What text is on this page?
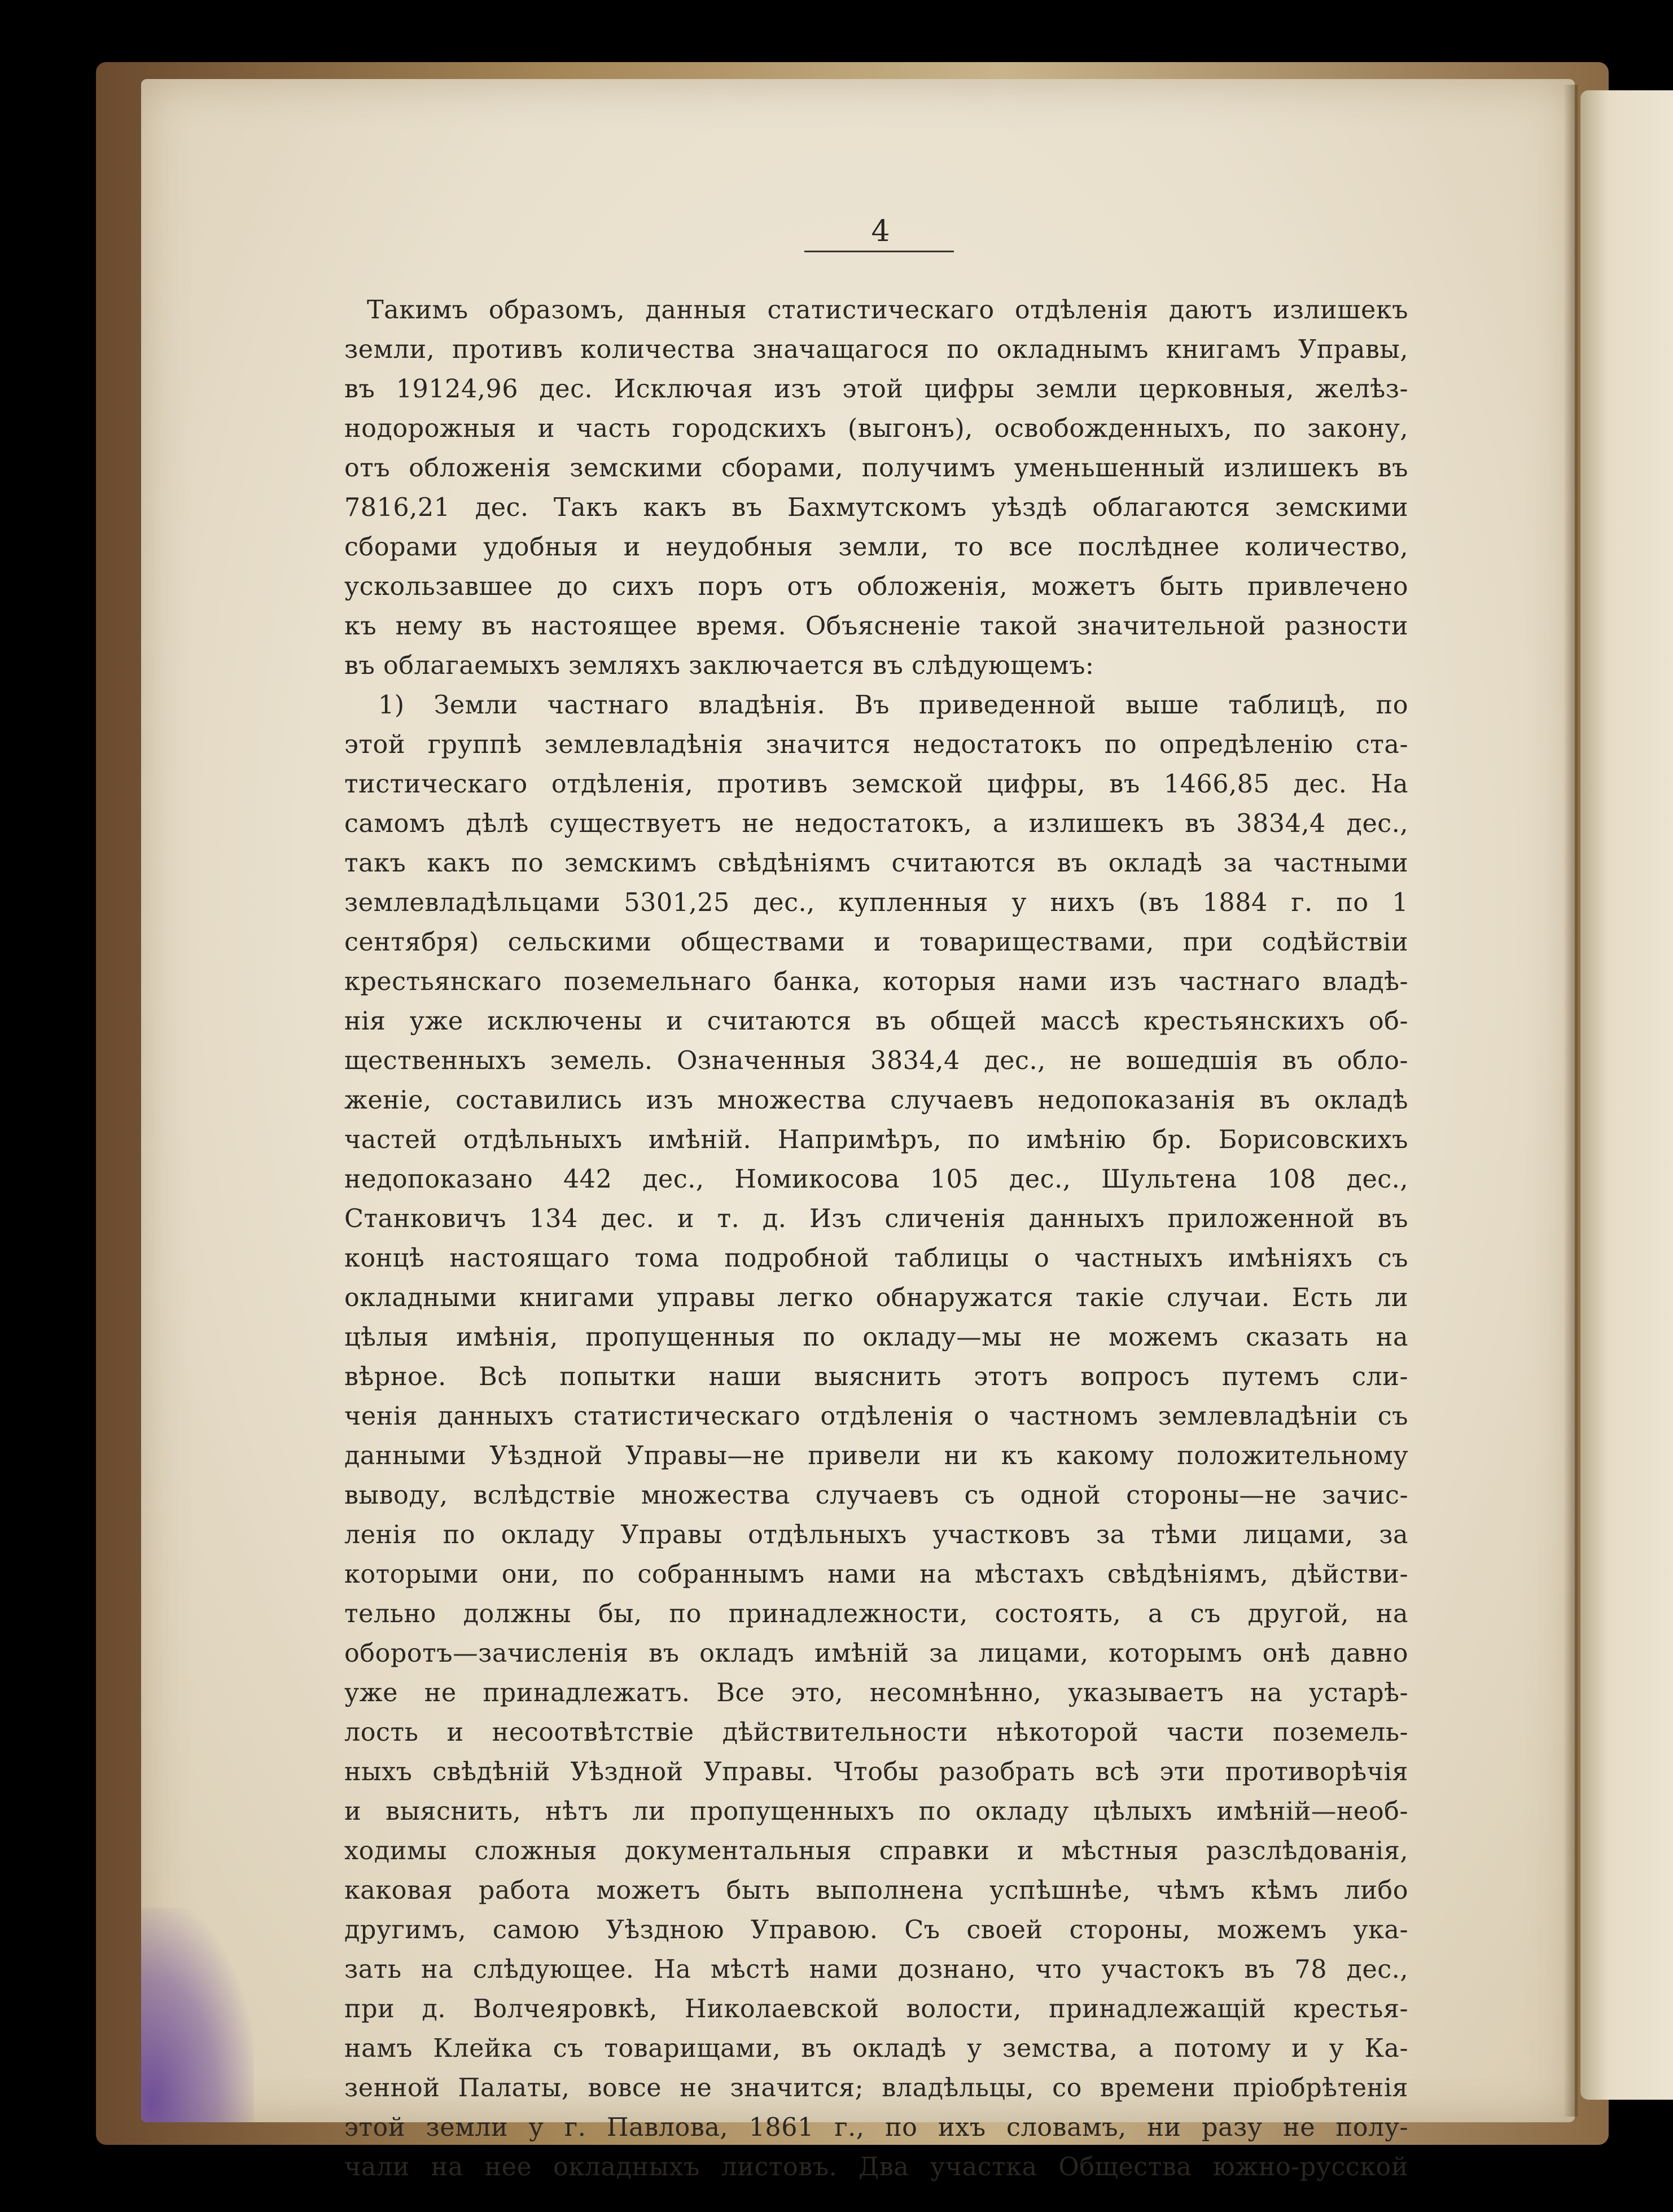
4
Такимъ образомъ, данныя статистическаго отдѣленія даютъ излишекъ
земли, противъ количества значащагося по окладнымъ книгамъ Управы,
въ 19124,96 дес. Исключая изъ этой цифры земли церковныя, желѣз-
нодорожныя и часть городскихъ (выгонъ), освобожденныхъ, по закону,
отъ обложенія земскими сборами, получимъ уменьшенный излишекъ въ
7816,21 дес. Такъ какъ въ Бахмутскомъ уѣздѣ облагаются земскими
сборами удобныя и неудобныя земли, то все послѣднее количество,
ускользавшее до сихъ поръ отъ обложенія, можетъ быть привлечено
къ нему въ настоящее время. Объясненіе такой значительной разности
въ облагаемыхъ земляхъ заключается въ слѣдующемъ:
1) Земли частнаго владѣнія. Въ приведенной выше таблицѣ, по
этой группѣ землевладѣнія значится недостатокъ по опредѣленію ста-
тистическаго отдѣленія, противъ земской цифры, въ 1466,85 дес. На
самомъ дѣлѣ существуетъ не недостатокъ, а излишекъ въ 3834,4 дес.,
такъ какъ по земскимъ свѣдѣніямъ считаются въ окладѣ за частными
землевладѣльцами 5301,25 дес., купленныя у нихъ (въ 1884 г. по 1
сентября) сельскими обществами и товариществами, при содѣйствіи
крестьянскаго поземельнаго банка, которыя нами изъ частнаго владѣ-
нія уже исключены и считаются въ общей массѣ крестьянскихъ об-
щественныхъ земель. Означенныя 3834,4 дес., не вошедшія въ обло-
женіе, составились изъ множества случаевъ недопоказанія въ окладѣ
частей отдѣльныхъ имѣній. Напримѣръ, по имѣнію бр. Борисовскихъ
недопоказано 442 дес., Номикосова 105 дес., Шультена 108 дес.,
Станковичъ 134 дес. и т. д. Изъ сличенія данныхъ приложенной въ
концѣ настоящаго тома подробной таблицы о частныхъ имѣніяхъ съ
окладными книгами управы легко обнаружатся такіе случаи. Есть ли
цѣлыя имѣнія, пропущенныя по окладу—мы не можемъ сказать на
вѣрное. Всѣ попытки наши выяснить этотъ вопросъ путемъ сли-
ченія данныхъ статистическаго отдѣленія о частномъ землевладѣніи съ
данными Уѣздной Управы—не привели ни къ какому положительному
выводу, вслѣдствіе множества случаевъ съ одной стороны—не зачис-
ленія по окладу Управы отдѣльныхъ участковъ за тѣми лицами, за
которыми они, по собраннымъ нами на мѣстахъ свѣдѣніямъ, дѣйстви-
тельно должны бы, по принадлежности, состоять, а съ другой, на
оборотъ—зачисленія въ окладъ имѣній за лицами, которымъ онѣ давно
уже не принадлежатъ. Все это, несомнѣнно, указываетъ на устарѣ-
лость и несоотвѣтствіе дѣйствительности нѣкоторой части поземель-
ныхъ свѣдѣній Уѣздной Управы. Чтобы разобрать всѣ эти противорѣчія
и выяснить, нѣтъ ли пропущенныхъ по окладу цѣлыхъ имѣній—необ-
ходимы сложныя документальныя справки и мѣстныя разслѣдованія,
каковая работа можетъ быть выполнена успѣшнѣе, чѣмъ кѣмъ либо
другимъ, самою Уѣздною Управою. Съ своей стороны, можемъ ука-
зать на слѣдующее. На мѣстѣ нами дознано, что участокъ въ 78 дес.,
при д. Волчеяровкѣ, Николаевской волости, принадлежащій крестья-
намъ Клейка съ товарищами, въ окладѣ у земства, а потому и у Ка-
зенной Палаты, вовсе не значится; владѣльцы, со времени пріобрѣтенія
этой земли у г. Павлова, 1861 г., по ихъ словамъ, ни разу не полу-
чали на нее окладныхъ листовъ. Два участка Общества южно-русской
